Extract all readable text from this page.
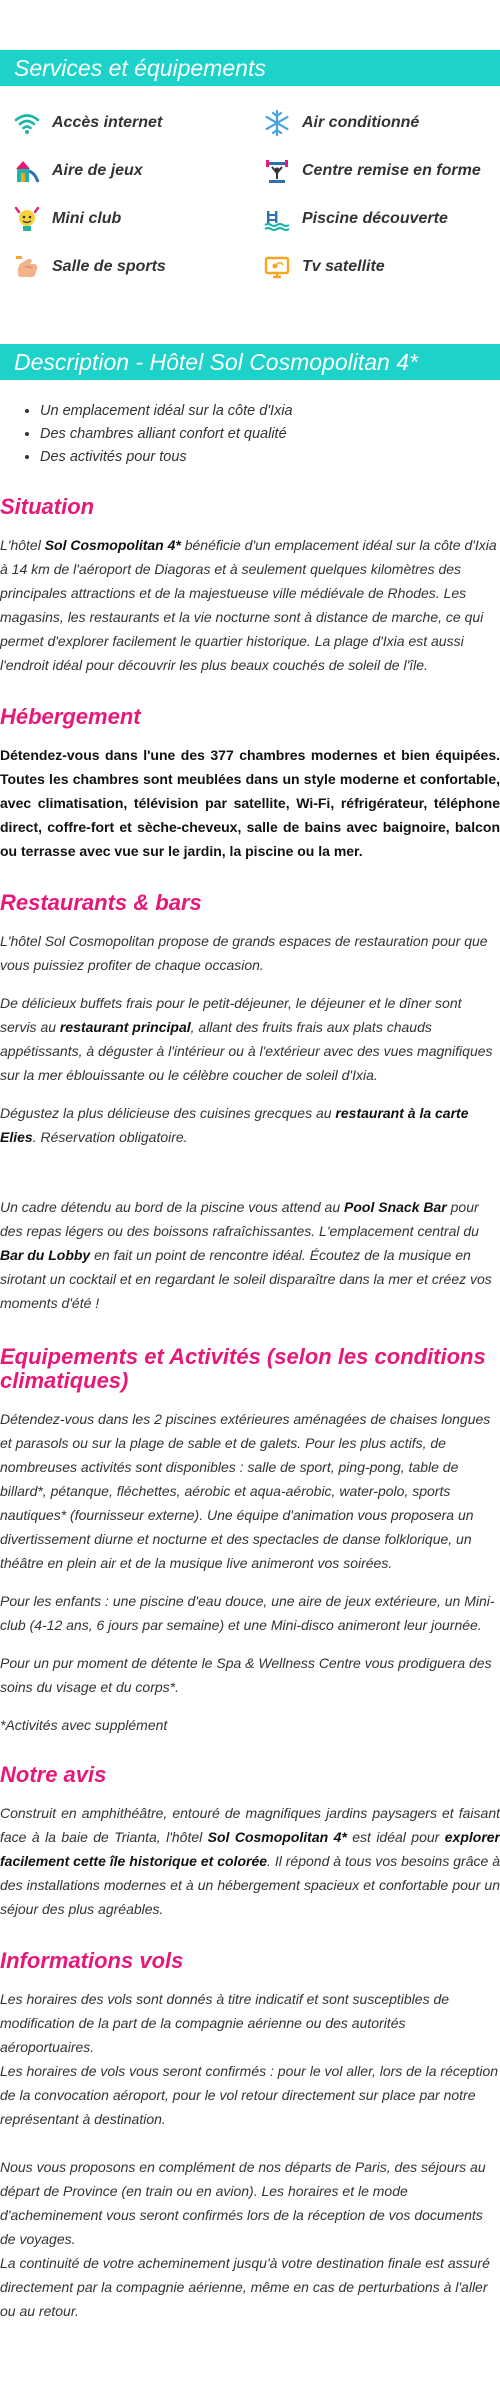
Services et équipements
Accès internet	Air conditionné
Aire de jeux	Centre remise en forme
Mini club	Piscine découverte
Salle de sports	Tv satellite
Description - Hôtel Sol Cosmopolitan 4*
• Un emplacement idéal sur la côte d'Ixia
• Des chambres alliant confort et qualité
• Des activités pour tous
Situation

L'hôtel Sol Cosmopolitan 4* bénéficie d'un emplacement idéal sur la côte d'Ixia à 14 km de l'aéroport de Diagoras et à seulement quelques kilomètres des principales attractions et de la majestueuse ville médiévale de Rhodes. Les magasins, les restaurants et la vie nocturne sont à distance de marche, ce qui permet d'explorer facilement le quartier historique. La plage d'Ixia est aussi l'endroit idéal pour découvrir les plus beaux couchés de soleil de l'île.

Hébergement

Détendez-vous dans l'une des 377 chambres modernes et bien équipées. Toutes les chambres sont meublées dans un style moderne et confortable, avec climatisation, télévision par satellite, Wi-Fi, réfrigérateur, téléphone direct, coffre-fort et sèche-cheveux, salle de bains avec baignoire, balcon ou terrasse avec vue sur le jardin, la piscine ou la mer.

Restaurants & bars

L'hôtel Sol Cosmopolitan propose de grands espaces de restauration pour que vous puissiez profiter de chaque occasion.

De délicieux buffets frais pour le petit-déjeuner, le déjeuner et le dîner sont servis au restaurant principal, allant des fruits frais aux plats chauds appétissants, à déguster à l'intérieur ou à l'extérieur avec des vues magnifiques sur la mer éblouissante ou le célèbre coucher de soleil d'Ixia.

Dégustez la plus délicieuse des cuisines grecques au restaurant à la carte Elies. Réservation obligatoire.

Un cadre détendu au bord de la piscine vous attend au Pool Snack Bar pour des repas légers ou des boissons rafraîchissantes. L'emplacement central du Bar du Lobby en fait un point de rencontre idéal. Écoutez de la musique en sirotant un cocktail et en regardant le soleil disparaître dans la mer et créez vos moments d'été !

Equipements et Activités (selon les conditions climatiques)

Détendez-vous dans les 2 piscines extérieures aménagées de chaises longues et parasols ou sur la plage de sable et de galets. Pour les plus actifs, de nombreuses activités sont disponibles : salle de sport, ping-pong, table de billard*, pétanque, fléchettes, aérobic et aqua-aérobic, water-polo, sports nautiques* (fournisseur externe). Une équipe d'animation vous proposera un divertissement diurne et nocturne et des spectacles de danse folklorique, un théâtre en plein air et de la musique live animeront vos soirées.

Pour les enfants : une piscine d'eau douce, une aire de jeux extérieure, un Mini-club (4-12 ans, 6 jours par semaine) et une Mini-disco animeront leur journée.

Pour un pur moment de détente le Spa & Wellness Centre vous prodiguera des soins du visage et du corps*.

*Activités avec supplément

Notre avis

Construit en amphithéâtre, entouré de magnifiques jardins paysagers et faisant face à la baie de Trianta, l'hôtel Sol Cosmopolitan 4* est idéal pour explorer facilement cette île historique et colorée. Il répond à tous vos besoins grâce à des installations modernes et à un hébergement spacieux et confortable pour un séjour des plus agréables.

Informations vols

Les horaires des vols sont donnés à titre indicatif et sont susceptibles de modification de la part de la compagnie aérienne ou des autorités aéroportuaires.

Les horaires de vols vous seront confirmés : pour le vol aller, lors de la réception de la convocation aéroport, pour le vol retour directement sur place par notre représentant à destination.

Nous vous proposons en complément de nos départs de Paris, des séjours au départ de Province (en train ou en avion). Les horaires et le mode d'acheminement vous seront confirmés lors de la réception de vos documents de voyages.

La continuité de votre acheminement jusqu'à votre destination finale est assuré directement par la compagnie aérienne, même en cas de perturbations à l'aller ou au retour.
